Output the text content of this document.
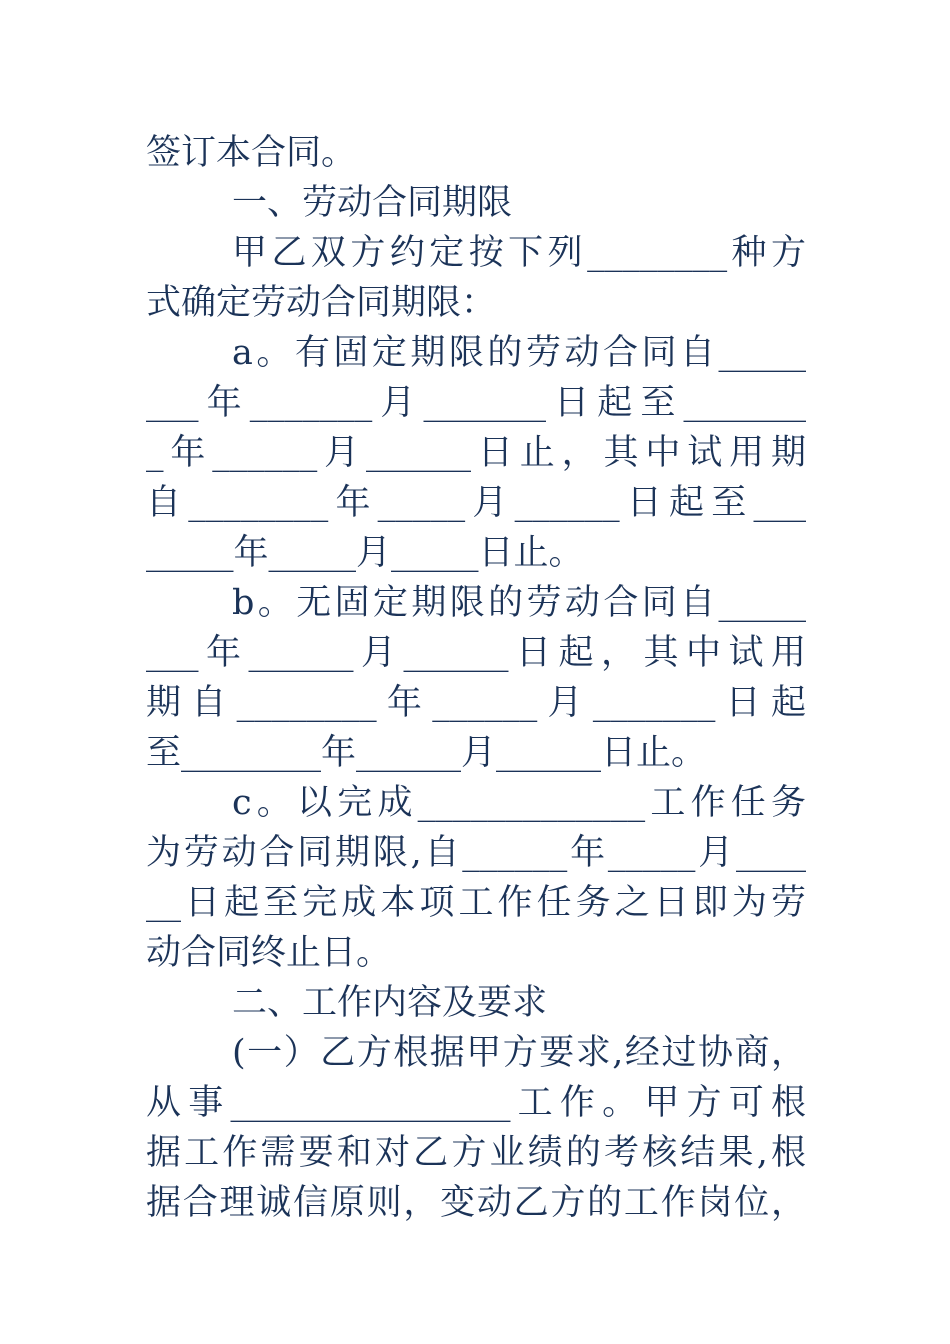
签订本合同。
一、劳动合同期限
甲乙双方约定按下列________种方
式确定劳动合同期限：
a。有固定期限的劳动合同自_____
___年_______月_______日起至_______
_年______月______日止，其中试用期
自________年_____月______日起至___
_____年_____月_____日止。
b。无固定期限的劳动合同自_____
___年______月______日起，其中试用
期自________年______月_______日起
至________年______月______日止。
c。以完成_____________工作任务
为劳动合同期限,自______年_____月____
__日起至完成本项工作任务之日即为劳
动合同终止日。
二、工作内容及要求
(一）乙方根据甲方要求,经过协商，
从事________________工作。甲方可根
据工作需要和对乙方业绩的考核结果,根
据合理诚信原则，变动乙方的工作岗位，
